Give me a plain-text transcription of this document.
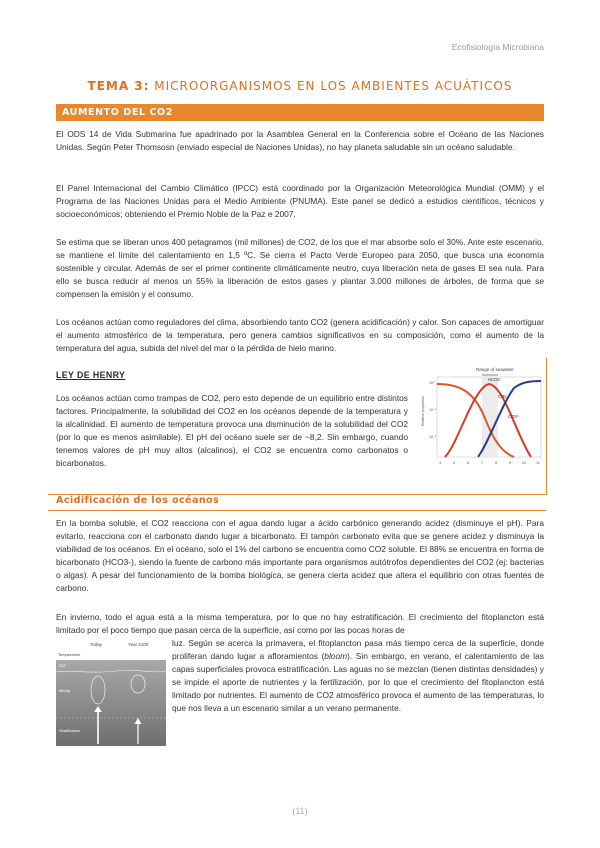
Ecofisiología Microbiana
TEMA 3: MICROORGANISMOS EN LOS AMBIENTES ACUÁTICOS
AUMENTO DEL CO2

El ODS 14 de Vida Submarina fue apadrinado por la Asamblea General en la Conferencia sobre el Océano de las Naciones Unidas. Según Peter Thomsosn (enviado especial de Naciones Unidas), no hay planeta saludable sin un océano saludable.

El Panel Internacional del Cambio Climático (IPCC) está coordinado por la Organización Meteorológica Mundial (OMM) y el Programa de las Naciones Unidas para el Medio Ambiente (PNUMA). Este panel se dedicó a estudios científicos, técnicos y socioeconómicos; obteniendo el Premio Noble de la Paz e 2007.

Se estima que se liberan unos 400 petagramos (mil millones) de CO2, de los que el mar absorbe solo el 30%. Ante este escenario, se mantiene el límite del calentamiento en 1,5 ºC. Se cierra el Pacto Verde Europeo para 2050, que busca una economía sostenible y circular. Además de ser el primer continente climáticamente neutro, cuya liberación neta de gases El sea nula. Para ello se busca reducir al menos un 55% la liberación de estos gases y plantar 3.000 millones de árboles, de forma que se compensen la emisión y el consumo.

Los océanos actúan como reguladores del clima, absorbiendo tanto CO2 (genera acidificación) y calor. Son capaces de amortiguar el aumento atmosférico de la temperatura, pero genera cambios significativos en su composición, como el aumento de la temperatura del agua, subida del nivel del mar o la pérdida de hielo marino.

LEY DE HENRY

Los océanos actúan como trampas de CO2, pero esto depende de un equilibrio entre distintos factores. Principalmente, la solubilidad del CO2 en los océanos depende de la temperatura y la alcalinidad. El aumento de temperatura provoca una disminución de la solubilidad del CO2 (por lo que es menos asimilable). El pH del océano suele ser de ~8,2. Sin embargo, cuando tenemos valores de pH muy altos (alcalinos), el CO2 se encuentra como carbonatos o bicarbonatos.

Range of seawater
HCO3⁻
CO2
CO3²⁻
Relative proportion
10⁰
10⁻¹
10⁻²
4	5	6	7	8	9	10	11
Acidificación de los océanos

En la bomba soluble, el CO2 reacciona con el agua dando lugar a ácido carbónico generando acidez (disminuye el pH). Para evitarlo, reacciona con el carbonato dando lugar a bicarbonato. El tampón carbonato evita que se genere acidez y disminuya la viabilidad de los océanos. En el océano, solo el 1% del carbono se encuentra como CO2 soluble. El 88% se encuentra en forma de bicarbonato (HCO3-), siendo la fuente de carbono más importante para organismos autótrofos dependientes del CO2 (ej: bacterias o algas). A pesar del funcionamiento de la bomba biológica, se genera cierta acidez que altera el equilibrio con otras fuentes de carbono.

En invierno, todo el agua está a la misma temperatura, por lo que no hay estratificación. El crecimiento del fitoplancton está limitado por el poco tiempo que pasan cerca de la superficie, así como por las pocas horas de

luz. Según se acerca la primavera, el fitoplancton pasa más tiempo cerca de la superficie, donde proliferan dando lugar a afloramientos (bloom). Sin embargo, en verano, el calentamiento de las capas superficiales provoca estratificación. Las aguas no se mezclan (tienen distintas densidades) y se impide el aporte de nutrientes y la fertilización, por lo que el crecimiento del fitoplancton está limitado por nutrientes. El aumento de CO2 atmosférico provoca el aumento de las temperaturas, lo que nos lleva a un escenario similar a un verano permanente.

Today	Year 2100
Temperature
SST
Mixing
Stratification
(11)
